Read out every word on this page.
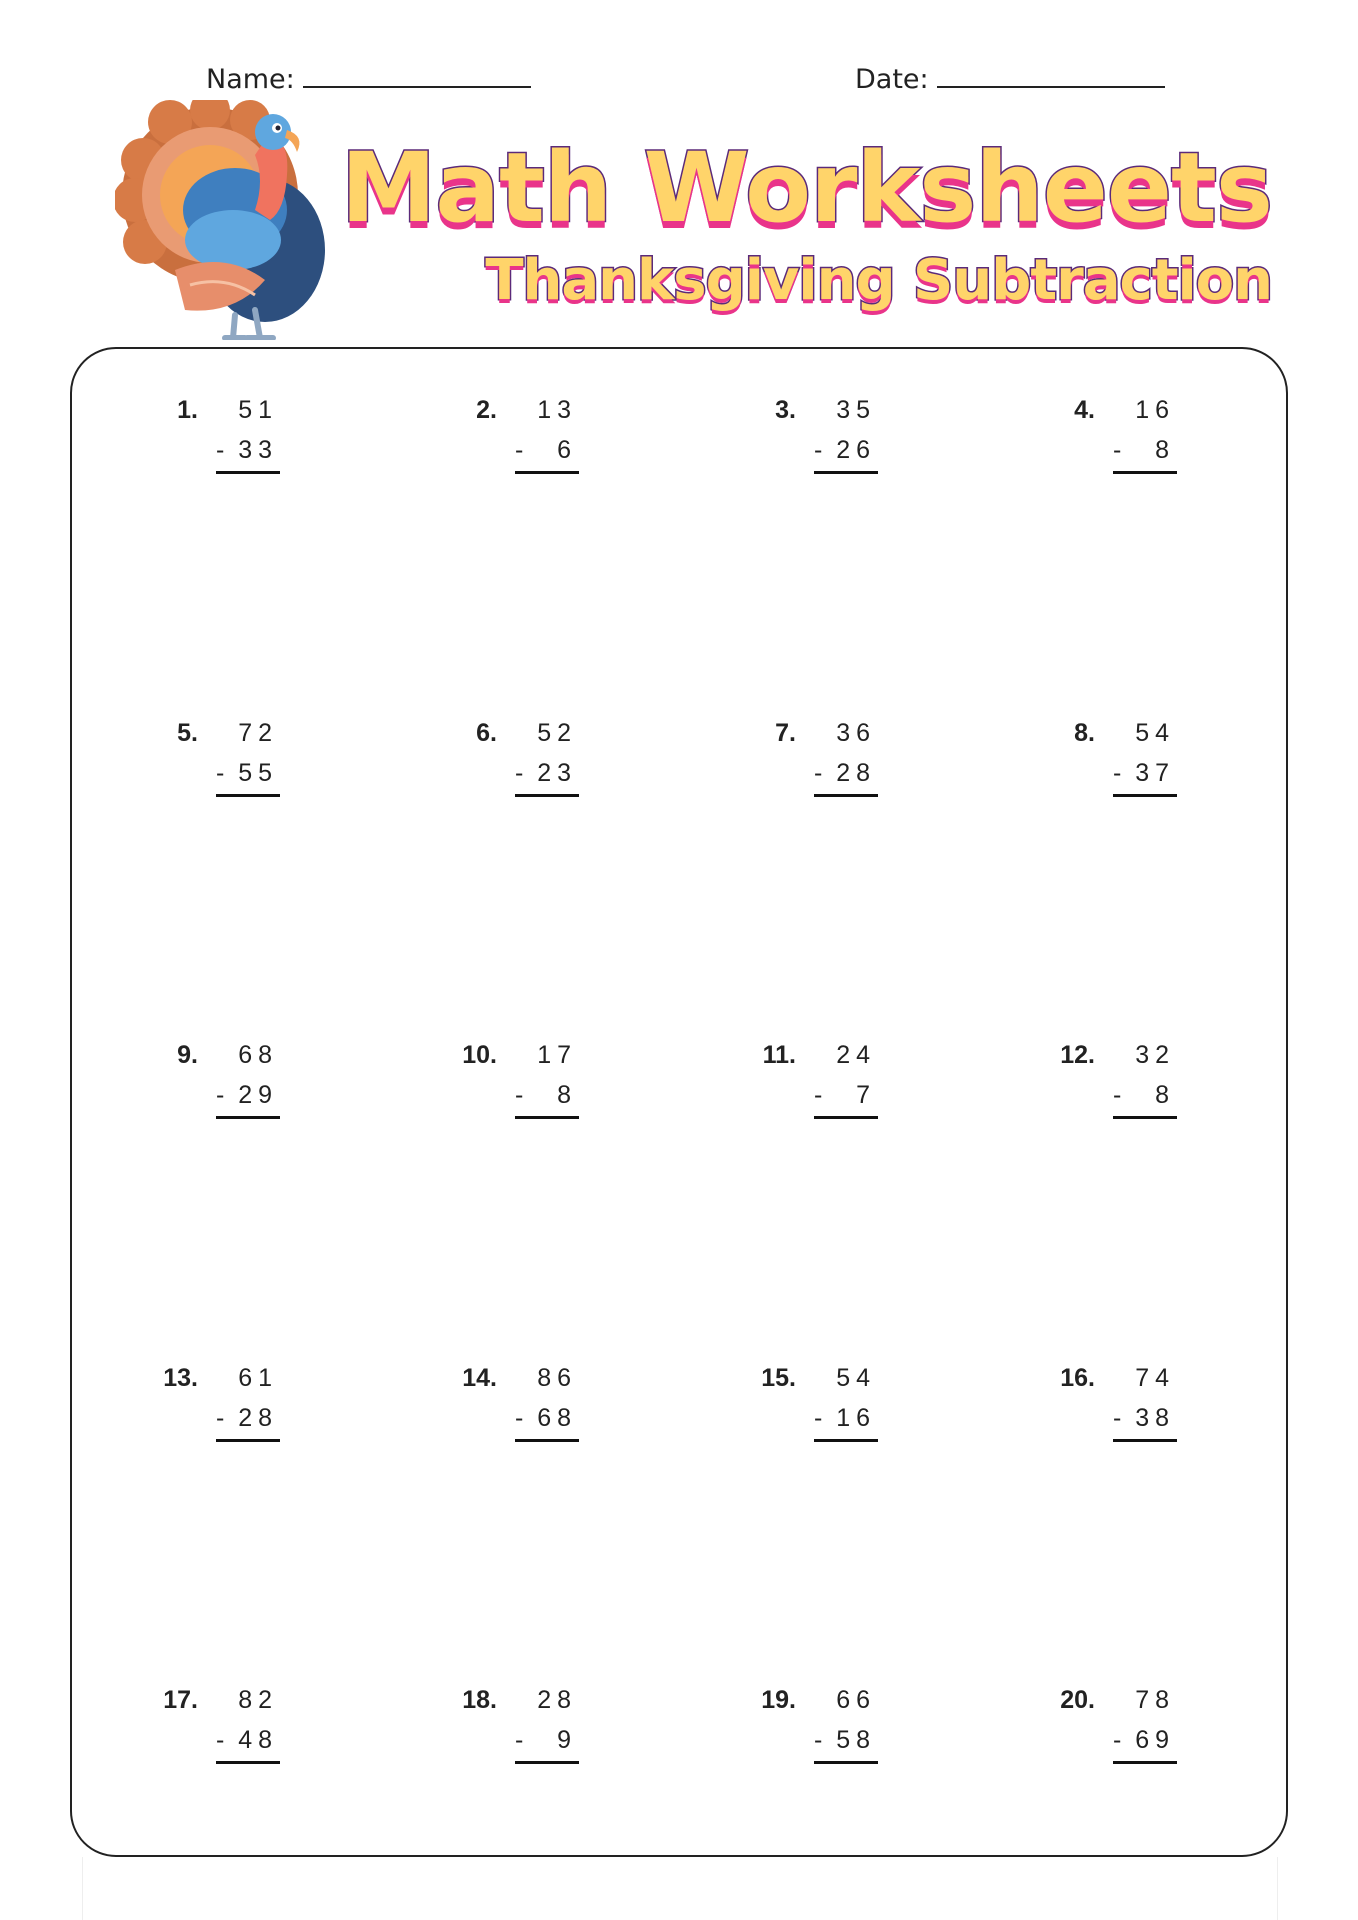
Name:	Date:
Math Worksheets
Thanksgiving Subtraction
1.	51
- 33
2.	13
-	6
3.	35
- 26
4.	16
-	8
5.	72
- 55
6.	52
- 23
7.	36
- 28
8.	54
- 37
9.	68
- 29
10.	17
-	8
11.	24
-	7
12.	32
-	8
13.	61
- 28
14.	86
- 68
15.	54
- 16
16.	74
- 38
17.	82
- 48
18.	28
-	9
19.	66
- 58
20.	78
- 69
